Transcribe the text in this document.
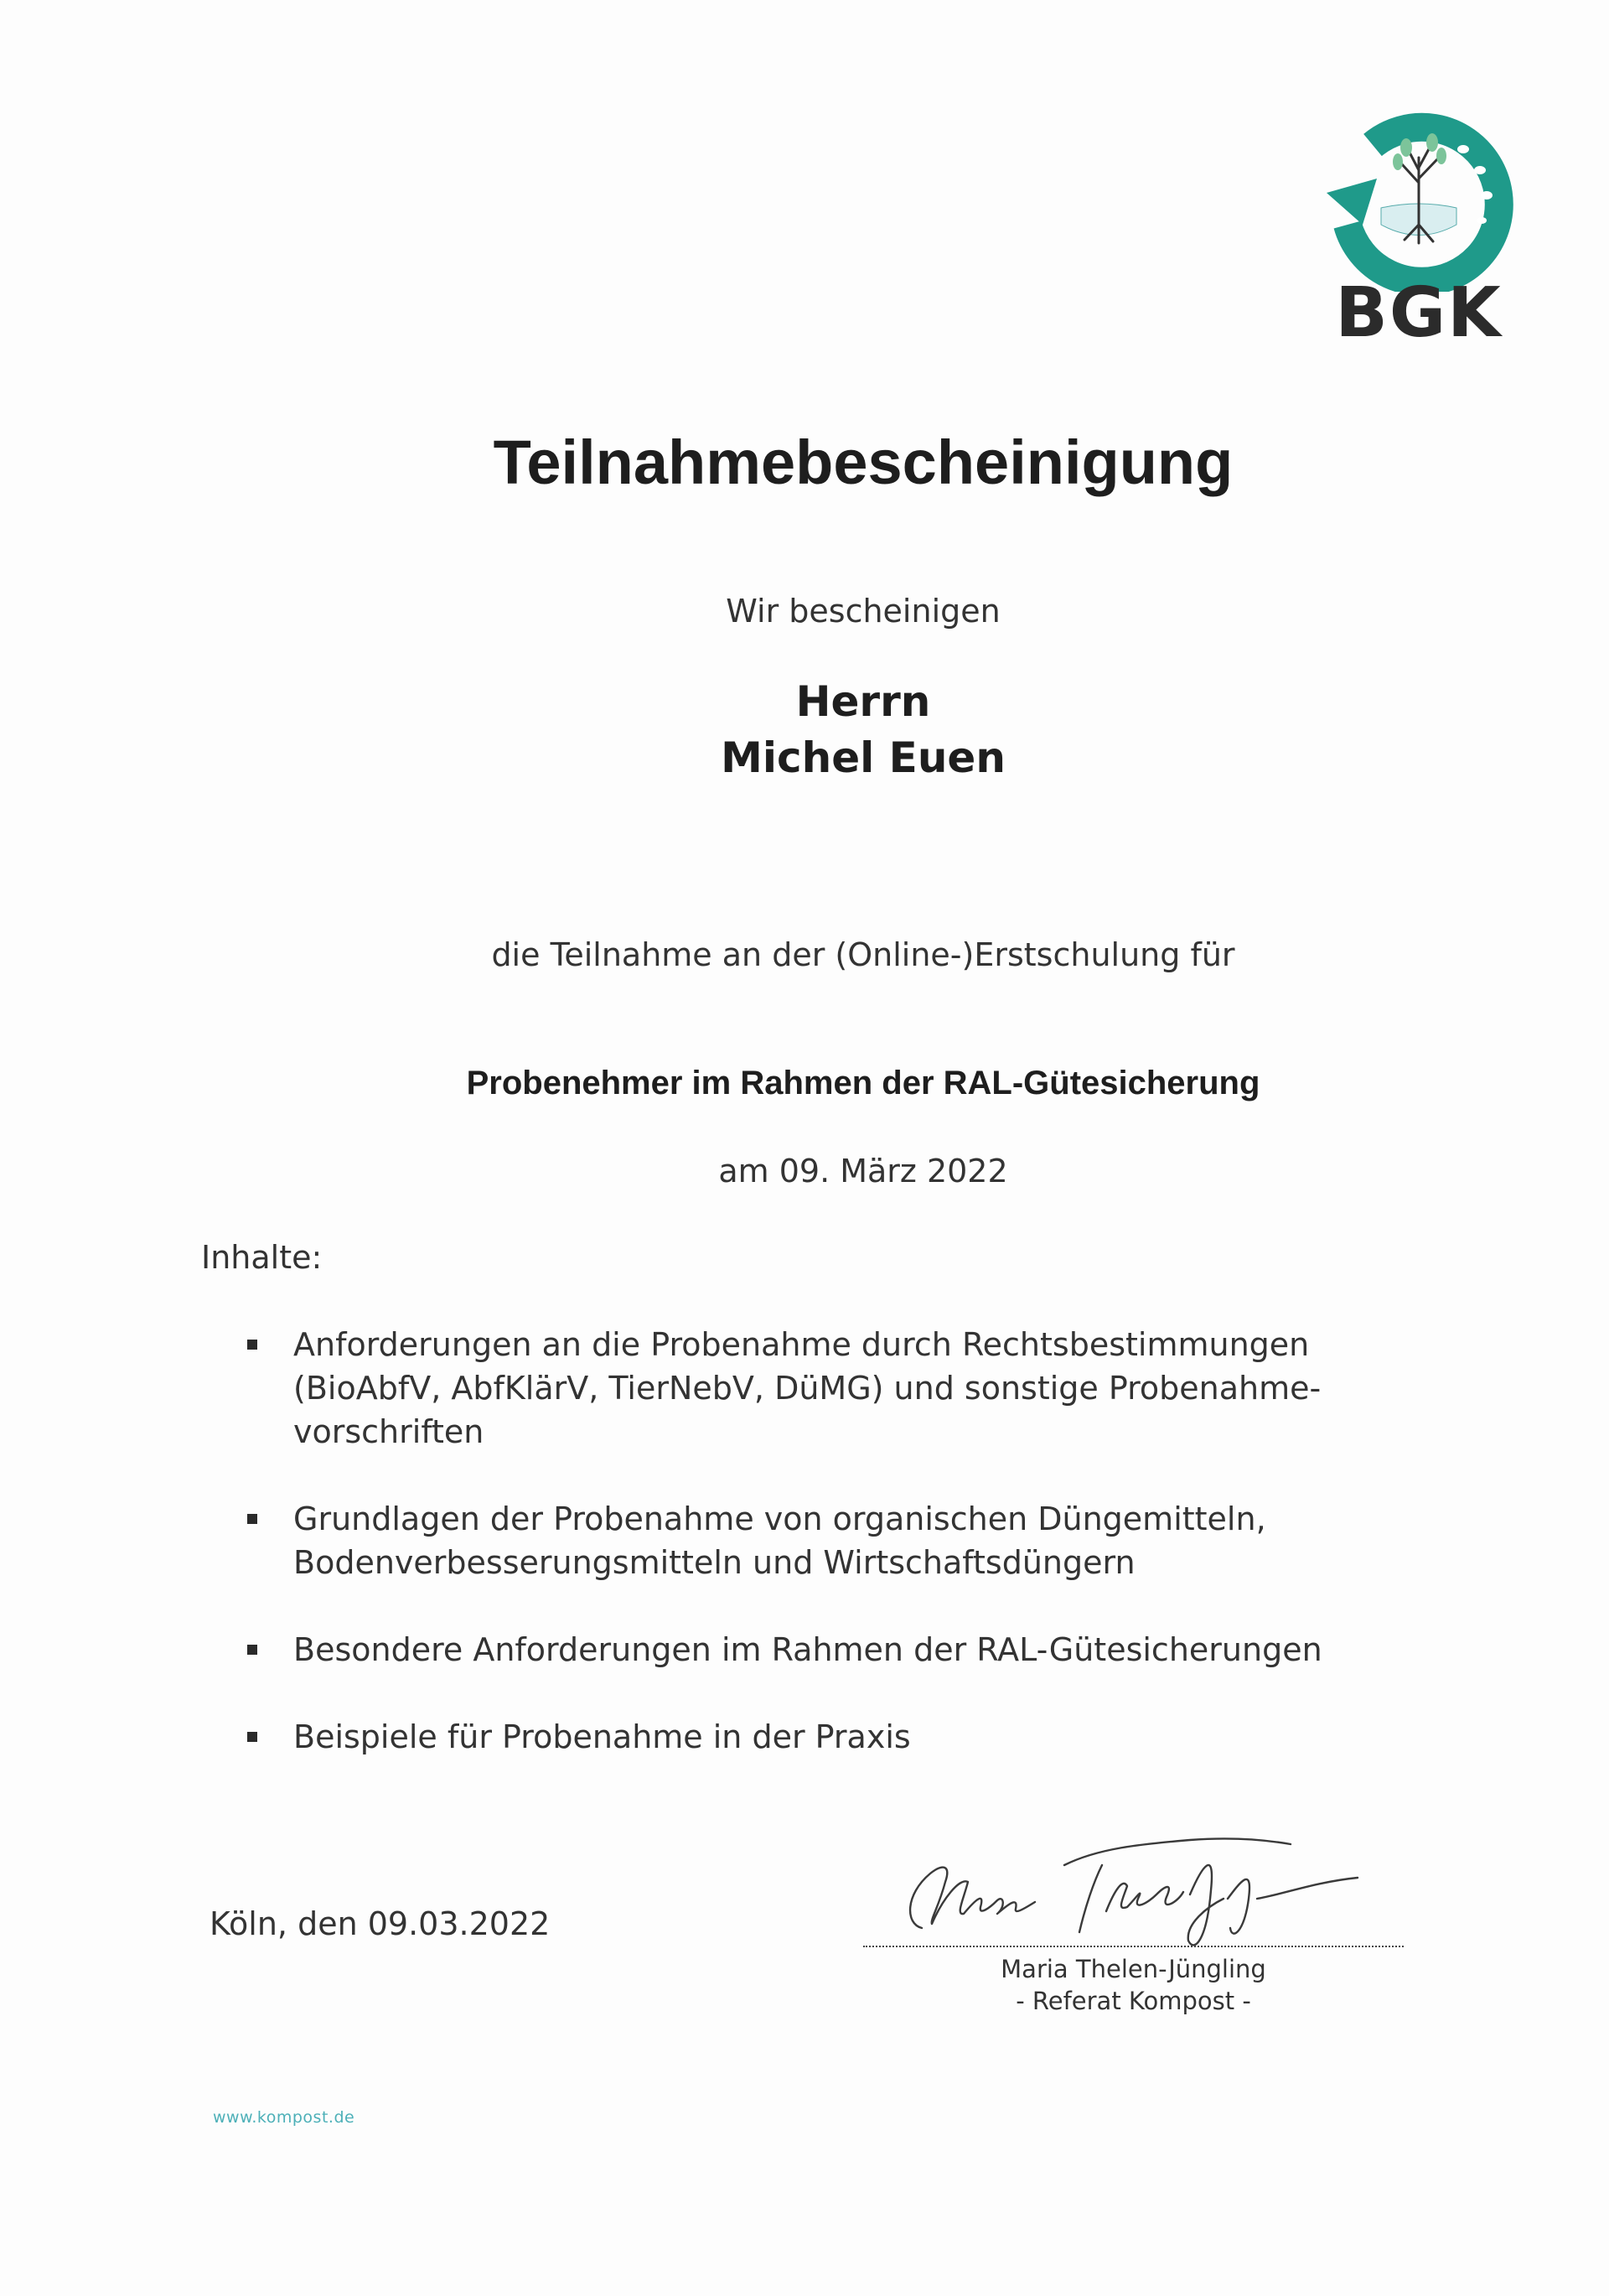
BGK
Teilnahmebescheinigung
Wir bescheinigen
Herrn
Michel Euen
die Teilnahme an der (Online-)Erstschulung für
Probenehmer im Rahmen der RAL-Gütesicherung
am 09. März 2022
Inhalte:
Anforderungen an die Probenahme durch Rechtsbestimmungen
(BioAbfV, AbfKlärV, TierNebV, DüMG) und sonstige Probenahme-
vorschriften
Grundlagen der Probenahme von organischen Düngemitteln,
Bodenverbesserungsmitteln und Wirtschaftsdüngern
Besondere Anforderungen im Rahmen der RAL-Gütesicherungen
Beispiele für Probenahme in der Praxis
Köln, den 09.03.2022
Maria Thelen-Jüngling
- Referat Kompost -
www.kompost.de
